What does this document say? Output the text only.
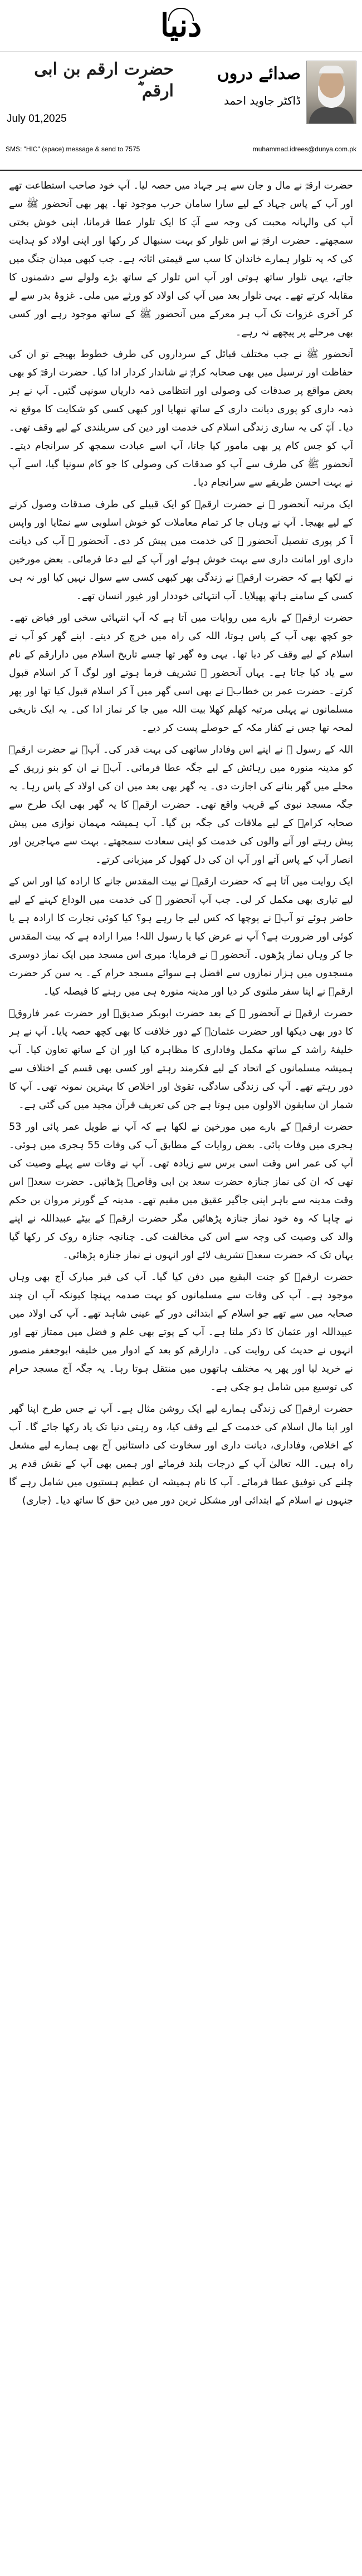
دنیا
حضرت ارقم بن ابی ارقم ؓ
July 01,2025
صدائے دروں
ڈاکٹر جاوید احمد
SMS: "HIC" (space) message & send to 7575	muhammad.idrees@dunya.com.pk

حضرت ارقمؓ نے مال و جان سے ہر جہاد میں حصہ لیا۔ آپ خود صاحب استطاعت تھے اور آپ کے پاس جہاد کے لیے سارا سامان حرب موجود تھا۔ پھر بھی آنحضور ﷺ سے آپ کی والہانہ محبت کی وجہ سے آپؐ کا ایک تلوار عطا فرمانا، اپنی خوش بختی سمجھتے۔ حضرت ارقمؓ نے اس تلوار کو بہت سنبھال کر رکھا اور اپنی اولاد کو ہدایت کی کہ یہ تلوار ہمارے خاندان کا سب سے قیمتی اثاثہ ہے۔ جب کبھی میدان جنگ میں جاتے، یہی تلوار ساتھ ہوتی اور آپ اس تلوار کے ساتھ بڑے ولولے سے دشمنوں کا مقابلہ کرتے تھے۔ یہی تلوار بعد میں آپ کی اولاد کو ورثے میں ملی۔ غزوۂ بدر سے لے کر آخری غزوات تک آپ ہر معرکے میں آنحضور ﷺ کے ساتھ موجود رہے اور کسی بھی مرحلے پر پیچھے نہ رہے۔

آنحضور ﷺ نے جب مختلف قبائل کے سرداروں کی طرف خطوط بھیجے تو ان کی حفاظت اور ترسیل میں بھی صحابہ کرامؓ نے شاندار کردار ادا کیا۔ حضرت ارقمؓ کو بھی بعض مواقع پر صدقات کی وصولی اور انتظامی ذمہ داریاں سونپی گئیں۔ آپ نے ہر ذمہ داری کو پوری دیانت داری کے ساتھ نبھایا اور کبھی کسی کو شکایت کا موقع نہ دیا۔ آپؓ کی یہ ساری زندگی اسلام کی خدمت اور دین کی سربلندی کے لیے وقف تھی۔ آپ کو جس کام پر بھی مامور کیا جاتا، آپ اسے عبادت سمجھ کر سرانجام دیتے۔ آنحضور ﷺ کی طرف سے آپ کو صدقات کی وصولی کا جو کام سونپا گیا، اسے آپ نے بہت احسن طریقے سے سرانجام دیا۔

ایک مرتبہ آنحضور ﷺ نے حضرت ارقمؓ کو ایک قبیلے کی طرف صدقات وصول کرنے کے لیے بھیجا۔ آپ نے وہاں جا کر تمام معاملات کو خوش اسلوبی سے نمٹایا اور واپس آ کر پوری تفصیل آنحضور ﷺ کی خدمت میں پیش کر دی۔ آنحضور ﷺ آپ کی دیانت داری اور امانت داری سے بہت خوش ہوئے اور آپ کے لیے دعا فرمائی۔ بعض مورخین نے لکھا ہے کہ حضرت ارقمؓ نے زندگی بھر کبھی کسی سے سوال نہیں کیا اور نہ ہی کسی کے سامنے ہاتھ پھیلایا۔ آپ انتہائی خوددار اور غیور انسان تھے۔

حضرت ارقمؓ کے بارے میں روایات میں آتا ہے کہ آپ انتہائی سخی اور فیاض تھے۔ جو کچھ بھی آپ کے پاس ہوتا، اللہ کی راہ میں خرچ کر دیتے۔ اپنے گھر کو آپ نے اسلام کے لیے وقف کر دیا تھا۔ یہی وہ گھر تھا جسے تاریخ اسلام میں دارارقم کے نام سے یاد کیا جاتا ہے۔ یہاں آنحضور ﷺ تشریف فرما ہوتے اور لوگ آ کر اسلام قبول کرتے۔ حضرت عمر بن خطابؓ نے بھی اسی گھر میں آ کر اسلام قبول کیا تھا اور پھر مسلمانوں نے پہلی مرتبہ کھلم کھلا بیت اللہ میں جا کر نماز ادا کی۔ یہ ایک تاریخی لمحہ تھا جس نے کفار مکہ کے حوصلے پست کر دیے۔

اللہ کے رسول ﷺ نے اپنے اس وفادار ساتھی کی بہت قدر کی۔ آپؐ نے حضرت ارقمؓ کو مدینہ منورہ میں رہائش کے لیے جگہ عطا فرمائی۔ آپؐ نے ان کو بنو زریق کے محلے میں گھر بنانے کی اجازت دی۔ یہ گھر بھی بعد میں ان کی اولاد کے پاس رہا۔ یہ جگہ مسجد نبوی کے قریب واقع تھی۔ حضرت ارقمؓ کا یہ گھر بھی ایک طرح سے صحابہ کرامؓ کے لیے ملاقات کی جگہ بن گیا۔ آپ ہمیشہ مہمان نوازی میں پیش پیش رہتے اور آنے والوں کی خدمت کو اپنی سعادت سمجھتے۔ بہت سے مہاجرین اور انصار آپ کے پاس آتے اور آپ ان کی دل کھول کر میزبانی کرتے۔

ایک روایت میں آتا ہے کہ حضرت ارقمؓ نے بیت المقدس جانے کا ارادہ کیا اور اس کے لیے تیاری بھی مکمل کر لی۔ جب آپ آنحضور ﷺ کی خدمت میں الوداع کہنے کے لیے حاضر ہوئے تو آپؐ نے پوچھا کہ کس لیے جا رہے ہو؟ کیا کوئی تجارت کا ارادہ ہے یا کوئی اور ضرورت ہے؟ آپ نے عرض کیا یا رسول اللہ! میرا ارادہ ہے کہ بیت المقدس جا کر وہاں نماز پڑھوں۔ آنحضور ﷺ نے فرمایا: میری اس مسجد میں ایک نماز دوسری مسجدوں میں ہزار نمازوں سے افضل ہے سوائے مسجد حرام کے۔ یہ سن کر حضرت ارقمؓ نے اپنا سفر ملتوی کر دیا اور مدینہ منورہ ہی میں رہنے کا فیصلہ کیا۔

حضرت ارقمؓ نے آنحضور ﷺ کے بعد حضرت ابوبکر صدیقؓ اور حضرت عمر فاروقؓ کا دور بھی دیکھا اور حضرت عثمانؓ کے دور خلافت کا بھی کچھ حصہ پایا۔ آپ نے ہر خلیفۂ راشد کے ساتھ مکمل وفاداری کا مظاہرہ کیا اور ان کے ساتھ تعاون کیا۔ آپ ہمیشہ مسلمانوں کے اتحاد کے لیے فکرمند رہتے اور کسی بھی قسم کے اختلاف سے دور رہتے تھے۔ آپ کی زندگی سادگی، تقویٰ اور اخلاص کا بہترین نمونہ تھی۔ آپ کا شمار ان سابقون الاولون میں ہوتا ہے جن کی تعریف قرآن مجید میں کی گئی ہے۔

حضرت ارقمؓ کے بارے میں مورخین نے لکھا ہے کہ آپ نے طویل عمر پائی اور 53 ہجری میں وفات پائی۔ بعض روایات کے مطابق آپ کی وفات 55 ہجری میں ہوئی۔ آپ کی عمر اس وقت اسی برس سے زیادہ تھی۔ آپ نے وفات سے پہلے وصیت کی تھی کہ ان کی نماز جنازہ حضرت سعد بن ابی وقاصؓ پڑھائیں۔ حضرت سعدؓ اس وقت مدینہ سے باہر اپنی جاگیر عقیق میں مقیم تھے۔ مدینہ کے گورنر مروان بن حکم نے چاہا کہ وہ خود نماز جنازہ پڑھائیں مگر حضرت ارقمؓ کے بیٹے عبیداللہ نے اپنے والد کی وصیت کی وجہ سے اس کی مخالفت کی۔ چنانچہ جنازہ روک کر رکھا گیا یہاں تک کہ حضرت سعدؓ تشریف لائے اور انہوں نے نماز جنازہ پڑھائی۔

حضرت ارقمؓ کو جنت البقیع میں دفن کیا گیا۔ آپ کی قبر مبارک آج بھی وہاں موجود ہے۔ آپ کی وفات سے مسلمانوں کو بہت صدمہ پہنچا کیونکہ آپ ان چند صحابہ میں سے تھے جو اسلام کے ابتدائی دور کے عینی شاہد تھے۔ آپ کی اولاد میں عبیداللہ اور عثمان کا ذکر ملتا ہے۔ آپ کے پوتے بھی علم و فضل میں ممتاز تھے اور انہوں نے حدیث کی روایت کی۔ دارارقم کو بعد کے ادوار میں خلیفہ ابوجعفر منصور نے خرید لیا اور پھر یہ مختلف ہاتھوں میں منتقل ہوتا رہا۔ یہ جگہ آج مسجد حرام کی توسیع میں شامل ہو چکی ہے۔

حضرت ارقمؓ کی زندگی ہمارے لیے ایک روشن مثال ہے۔ آپ نے جس طرح اپنا گھر اور اپنا مال اسلام کی خدمت کے لیے وقف کیا، وہ رہتی دنیا تک یاد رکھا جائے گا۔ آپ کے اخلاص، وفاداری، دیانت داری اور سخاوت کی داستانیں آج بھی ہمارے لیے مشعل راہ ہیں۔ اللہ تعالیٰ آپ کے درجات بلند فرمائے اور ہمیں بھی آپ کے نقش قدم پر چلنے کی توفیق عطا فرمائے۔ آپ کا نام ہمیشہ ان عظیم ہستیوں میں شامل رہے گا جنہوں نے اسلام کے ابتدائی اور مشکل ترین دور میں دین حق کا ساتھ دیا۔ (جاری)
